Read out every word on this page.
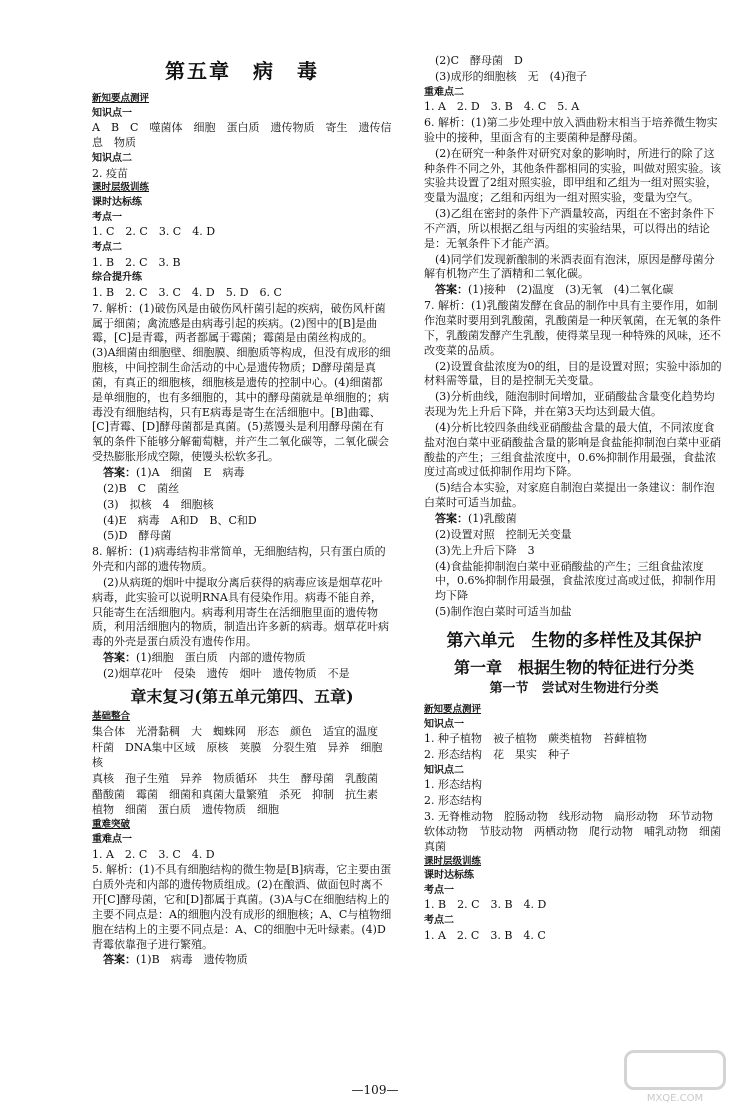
第五章　病　毒

新知要点测评

知识点一

A　B　C　噬菌体　细胞　蛋白质　遗传物质　寄生　遗传信息　物质

知识点二

2. 疫苗

课时层级训练

课时达标练

考点一

1. C　2. C　3. C　4. D

考点二

1. B　2. C　3. B

综合提升练

1. B　2. C　3. C　4. D　5. D　6. C

7. 解析：(1)破伤风是由破伤风杆菌引起的疾病，破伤风杆菌属于细菌；禽流感是由病毒引起的疾病。(2)图中的[B]是曲霉，[C]是青霉，两者都属于霉菌；霉菌是由菌丝构成的。(3)A细菌由细胞壁、细胞膜、细胞质等构成，但没有成形的细胞核，中间控制生命活动的中心是遗传物质；D酵母菌是真菌，有真正的细胞核，细胞核是遗传的控制中心。(4)细菌都是单细胞的，也有多细胞的，其中的酵母菌就是单细胞的；病毒没有细胞结构，只有E病毒是寄生在活细胞中。[B]曲霉、[C]青霉、[D]酵母菌都是真菌。(5)蒸馒头是利用酵母菌在有氧的条件下能够分解葡萄糖，并产生二氧化碳等，二氧化碳会受热膨胀形成空隙，使馒头松软多孔。

答案：(1)A　细菌　E　病毒

(2)B　C　菌丝

(3)　拟核　4　细胞核

(4)E　病毒　A和D　B、C和D

(5)D　酵母菌

8. 解析：(1)病毒结构非常简单，无细胞结构，只有蛋白质的外壳和内部的遗传物质。

(2)从病斑的烟叶中提取分离后获得的病毒应该是烟草花叶病毒，此实验可以说明RNA具有侵染作用。病毒不能自养，只能寄生在活细胞内。病毒利用寄生在活细胞里面的遗传物质，利用活细胞内的物质，制造出许多新的病毒。烟草花叶病毒的外壳是蛋白质没有遗传作用。

答案：(1)细胞　蛋白质　内部的遗传物质

(2)烟草花叶　侵染　遗传　烟叶　遗传物质　不是

章末复习(第五单元第四、五章)

基础整合

集合体　光滑黏稠　大　蜘蛛网　形态　颜色　适宜的温度

杆菌　DNA集中区域　原核　荚膜　分裂生殖　异养　细胞核

真核　孢子生殖　异养　物质循环　共生　酵母菌　乳酸菌

醋酸菌　霉菌　细菌和真菌大量繁殖　杀死　抑制　抗生素

植物　细菌　蛋白质　遗传物质　细胞

重难突破

重难点一

1. A　2. C　3. C　4. D

5. 解析：(1)不具有细胞结构的微生物是[B]病毒，它主要由蛋白质外壳和内部的遗传物质组成。(2)在酿酒、做面包时离不开[C]酵母菌，它和[D]都属于真菌。(3)A与C在细胞结构上的主要不同点是：A的细胞内没有成形的细胞核；A、C与植物细胞在结构上的主要不同点是：A、C的细胞中无叶绿素。(4)D青霉依靠孢子进行繁殖。

答案：(1)B　病毒　遗传物质

(2)C　酵母菌　D

(3)成形的细胞核　无　(4)孢子

重难点二

1. A　2. D　3. B　4. C　5. A

6. 解析：(1)第二步处理中放入酒曲粉末相当于培养微生物实验中的接种，里面含有的主要菌种是酵母菌。

(2)在研究一种条件对研究对象的影响时，所进行的除了这种条件不同之外，其他条件都相同的实验，叫做对照实验。该实验共设置了2组对照实验，即甲组和乙组为一组对照实验，变量为温度；乙组和丙组为一组对照实验，变量为空气。

(3)乙组在密封的条件下产酒量较高，丙组在不密封条件下不产酒，所以根据乙组与丙组的实验结果，可以得出的结论是：无氧条件下才能产酒。

(4)同学们发现新酿制的米酒表面有泡沫，原因是酵母菌分解有机物产生了酒精和二氧化碳。

答案：(1)接种　(2)温度　(3)无氧　(4)二氧化碳

7. 解析：(1)乳酸菌发酵在食品的制作中具有主要作用，如制作泡菜时要用到乳酸菌，乳酸菌是一种厌氧菌，在无氧的条件下，乳酸菌发酵产生乳酸，使得菜呈现一种特殊的风味，还不改变菜的品质。

(2)设置食盐浓度为0的组，目的是设置对照；实验中添加的材料需等量，目的是控制无关变量。

(3)分析曲线，随泡制时间增加，亚硝酸盐含量变化趋势均表现为先上升后下降，并在第3天均达到最大值。

(4)分析比较四条曲线亚硝酸盐含量的最大值，不同浓度食盐对泡白菜中亚硝酸盐含量的影响是食盐能抑制泡白菜中亚硝酸盐的产生；三组食盐浓度中，0.6%抑制作用最强，食盐浓度过高或过低抑制作用均下降。

(5)结合本实验，对家庭自制泡白菜提出一条建议：制作泡白菜时可适当加盐。

答案：(1)乳酸菌

(2)设置对照　控制无关变量

(3)先上升后下降　3

(4)食盐能抑制泡白菜中亚硝酸盐的产生；三组食盐浓度中，0.6%抑制作用最强，食盐浓度过高或过低，抑制作用均下降

(5)制作泡白菜时可适当加盐

第六单元　生物的多样性及其保护
第一章　根据生物的特征进行分类
第一节　尝试对生物进行分类

新知要点测评

知识点一

1. 种子植物　被子植物　蕨类植物　苔藓植物

2. 形态结构　花　果实　种子

知识点二

1. 形态结构

2. 形态结构

3. 无脊椎动物　腔肠动物　线形动物　扁形动物　环节动物　软体动物　节肢动物　两栖动物　爬行动物　哺乳动物　细菌　真菌

课时层级训练

课时达标练

考点一

1. B　2. C　3. B　4. D

考点二

1. A　2. C　3. B　4. C

—109—
MXQE.COM
